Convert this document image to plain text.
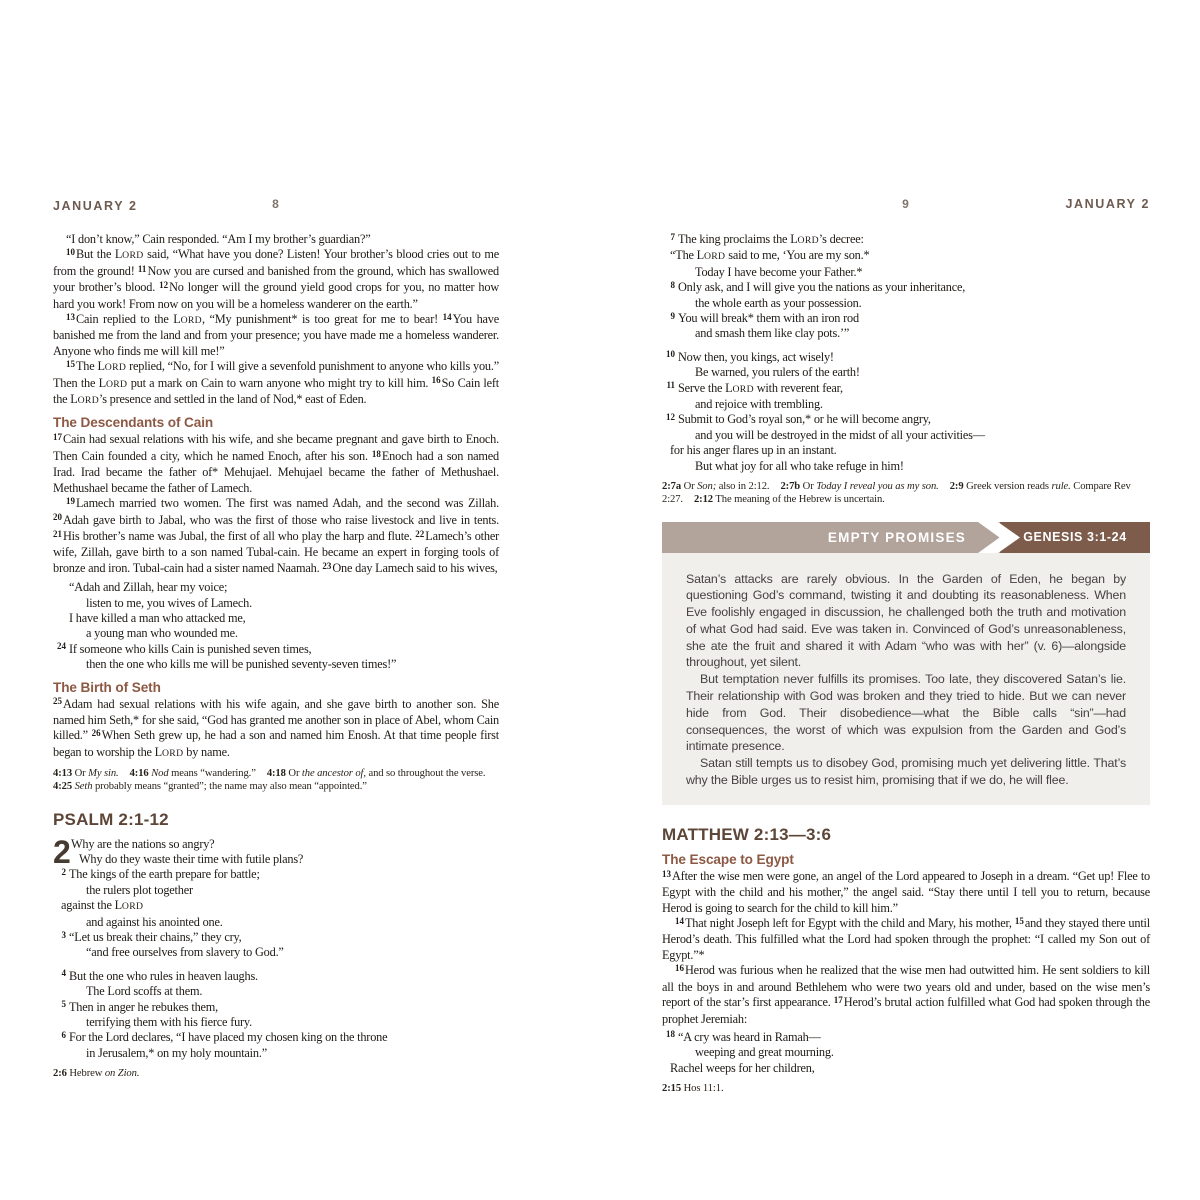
JANUARY 2	8

“I don’t know,” Cain responded. “Am I my brother’s guardian?”

$^{10}$But the LORD said, “What have you done? Listen! Your brother’s blood cries out to me from the ground! $^{11}$Now you are cursed and banished from the ground, which has swallowed your brother’s blood. $^{12}$No longer will the ground yield good crops for you, no matter how hard you work! From now on you will be a homeless wanderer on the earth.”

$^{13}$Cain replied to the LORD, “My punishment* is too great for me to bear! $^{14}$You have banished me from the land and from your presence; you have made me a homeless wanderer. Anyone who finds me will kill me!”

$^{15}$The LORD replied, “No, for I will give a sevenfold punishment to anyone who kills you.” Then the LORD put a mark on Cain to warn anyone who might try to kill him. $^{16}$So Cain left the LORD’s presence and settled in the land of Nod,* east of Eden.

The Descendants of Cain

$^{17}$Cain had sexual relations with his wife, and she became pregnant and gave birth to Enoch. Then Cain founded a city, which he named Enoch, after his son. $^{18}$Enoch had a son named Irad. Irad became the father of* Mehujael. Mehujael became the father of Methushael. Methushael became the father of Lamech.

$^{19}$Lamech married two women. The first was named Adah, and the second was Zillah. $^{20}$Adah gave birth to Jabal, who was the first of those who raise livestock and live in tents. $^{21}$His brother’s name was Jubal, the first of all who play the harp and flute. $^{22}$Lamech’s other wife, Zillah, gave birth to a son named Tubal-cain. He became an expert in forging tools of bronze and iron. Tubal-cain had a sister named Naamah. $^{23}$One day Lamech said to his wives,

“Adah and Zillah, hear my voice;
listen to me, you wives of Lamech.
I have killed a man who attacked me,
a young man who wounded me.
24 If someone who kills Cain is punished seven times,
then the one who kills me will be punished seventy-seven times!”
The Birth of Seth

$^{25}$Adam had sexual relations with his wife again, and she gave birth to another son. She named him Seth,* for she said, “God has granted me another son in place of Abel, whom Cain killed.” $^{26}$When Seth grew up, he had a son and named him Enosh. At that time people first began to worship the LORD by name.

4:13 Or My sin. 4:16 Nod means “wandering.” 4:18 Or the ancestor of, and so throughout the verse.4:25 Seth probably means “granted”; the name may also mean “appointed.”

PSALM 2:1-12
2 Why are the nations so angry?
Why do they waste their time with futile plans?
2 The kings of the earth prepare for battle;
the rulers plot together
against the LORD
and against his anointed one.
3 “Let us break their chains,” they cry,
“and free ourselves from slavery to God.”
4 But the one who rules in heaven laughs.
The Lord scoffs at them.
5 Then in anger he rebukes them,
terrifying them with his fierce fury.
6 For the Lord declares, “I have placed my chosen king on the throne
in Jerusalem,* on my holy mountain.”

2:6 Hebrew on Zion.

9	JANUARY 2
7 The king proclaims the LORD’s decree:
“The LORD said to me, ‘You are my son.*
Today I have become your Father.*
8 Only ask, and I will give you the nations as your inheritance,
the whole earth as your possession.
9 You will break* them with an iron rod
and smash them like clay pots.’”
10 Now then, you kings, act wisely!
Be warned, you rulers of the earth!
11 Serve the LORD with reverent fear,
and rejoice with trembling.
12 Submit to God’s royal son,* or he will become angry,
and you will be destroyed in the midst of all your activities—
for his anger flares up in an instant.
But what joy for all who take refuge in him!

2:7a Or Son; also in 2:12. 2:7b Or Today I reveal you as my son. 2:9 Greek version reads rule. Compare Rev 2:27. 2:12 The meaning of the Hebrew is uncertain.

EMPTY PROMISES	GENESIS 3:1-24

Satan’s attacks are rarely obvious. In the Garden of Eden, he began by questioning God’s command, twisting it and doubting its reasonableness. When Eve foolishly engaged in discussion, he challenged both the truth and motivation of what God had said. Eve was taken in. Convinced of God’s unreasonableness, she ate the fruit and shared it with Adam “who was with her” (v. 6)—alongside throughout, yet silent.

But temptation never fulfills its promises. Too late, they discovered Satan’s lie. Their relationship with God was broken and they tried to hide. But we can never hide from God. Their disobedience—what the Bible calls “sin”—had consequences, the worst of which was expulsion from the Garden and God’s intimate presence.

Satan still tempts us to disobey God, promising much yet delivering little. That’s why the Bible urges us to resist him, promising that if we do, he will flee.

MATTHEW 2:13—3:6
The Escape to Egypt

$^{13}$After the wise men were gone, an angel of the Lord appeared to Joseph in a dream. “Get up! Flee to Egypt with the child and his mother,” the angel said. “Stay there until I tell you to return, because Herod is going to search for the child to kill him.”

$^{14}$That night Joseph left for Egypt with the child and Mary, his mother, $^{15}$and they stayed there until Herod’s death. This fulfilled what the Lord had spoken through the prophet: “I called my Son out of Egypt.”*

$^{16}$Herod was furious when he realized that the wise men had outwitted him. He sent soldiers to kill all the boys in and around Bethlehem who were two years old and under, based on the wise men’s report of the star’s first appearance. $^{17}$Herod’s brutal action fulfilled what God had spoken through the prophet Jeremiah:

18 “A cry was heard in Ramah—
weeping and great mourning.
Rachel weeps for her children,

2:15 Hos 11:1.
